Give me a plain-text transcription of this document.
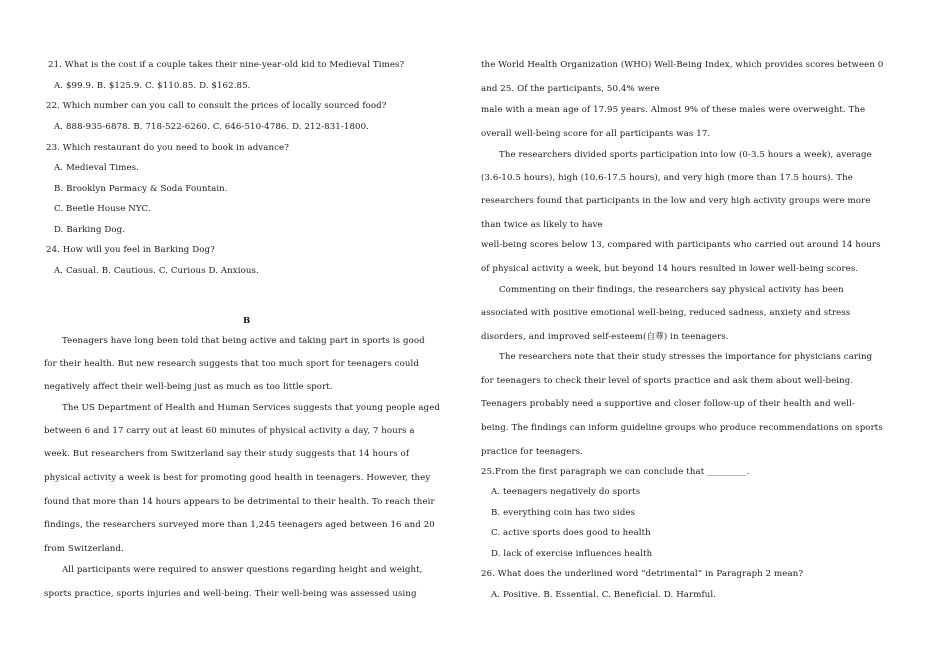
21. What is the cost if a couple takes their nine-year-old kid to Medieval Times?
A. $99.9. B. $125.9. C. $110.85. D. $162.85.
22. Which number can you call to consult the prices of locally sourced food?
A. 888-935-6878. B. 718-522-6260. C. 646-510-4786. D. 212-831-1800.
23. Which restaurant do you need to book in advance?
A. Medieval Times.
B. Brooklyn Parmacy & Soda Fountain.
C. Beetle House NYC.
D. Barking Dog.
24. How will you feel in Barking Dog?
A. Casual. B. Cautious. C. Curious D. Anxious.
B
Teenagers have long been told that being active and taking part in sports is good
for their health. But new research suggests that too much sport for teenagers could
negatively affect their well-being just as much as too little sport.
The US Department of Health and Human Services suggests that young people aged
between 6 and 17 carry out at least 60 minutes of physical activity a day, 7 hours a
week. But researchers from Switzerland say their study suggests that 14 hours of
physical activity a week is best for promoting good health in teenagers. However, they
found that more than 14 hours appears to be detrimental to their health. To reach their
findings, the researchers surveyed more than 1,245 teenagers aged between 16 and 20
from Switzerland.
All participants were required to answer questions regarding height and weight,
sports practice, sports injuries and well-being. Their well-being was assessed using
the World Health Organization (WHO) Well-Being Index, which provides scores between 0
and 25. Of the participants, 50.4% were
male with a mean age of 17.95 years. Almost 9% of these males were overweight. The
overall well-being score for all participants was 17.
The researchers divided sports participation into low (0-3.5 hours a week), average
(3.6-10.5 hours), high (10.6-17.5 hours), and very high (more than 17.5 hours). The
researchers found that participants in the low and very high activity groups were more
than twice as likely to have
well-being scores below 13, compared with participants who carried out around 14 hours
of physical activity a week, but beyond 14 hours resulted in lower well-being scores.
Commenting on their findings, the researchers say physical activity has been
associated with positive emotional well-being, reduced sadness, anxiety and stress
disorders, and improved self-esteem(自尊) in teenagers.
The researchers note that their study stresses the importance for physicians caring
for teenagers to check their level of sports practice and ask them about well-being.
Teenagers probably need a supportive and closer follow-up of their health and well-
being. The findings can inform guideline groups who produce recommendations on sports
practice for teenagers.
25.From the first paragraph we can conclude that _________.
A. teenagers negatively do sports
B. everything coin has two sides
C. active sports does good to health
D. lack of exercise influences health
26. What does the underlined word “detrimental” in Paragraph 2 mean?
A. Positive. B. Essential. C. Beneficial. D. Harmful.
